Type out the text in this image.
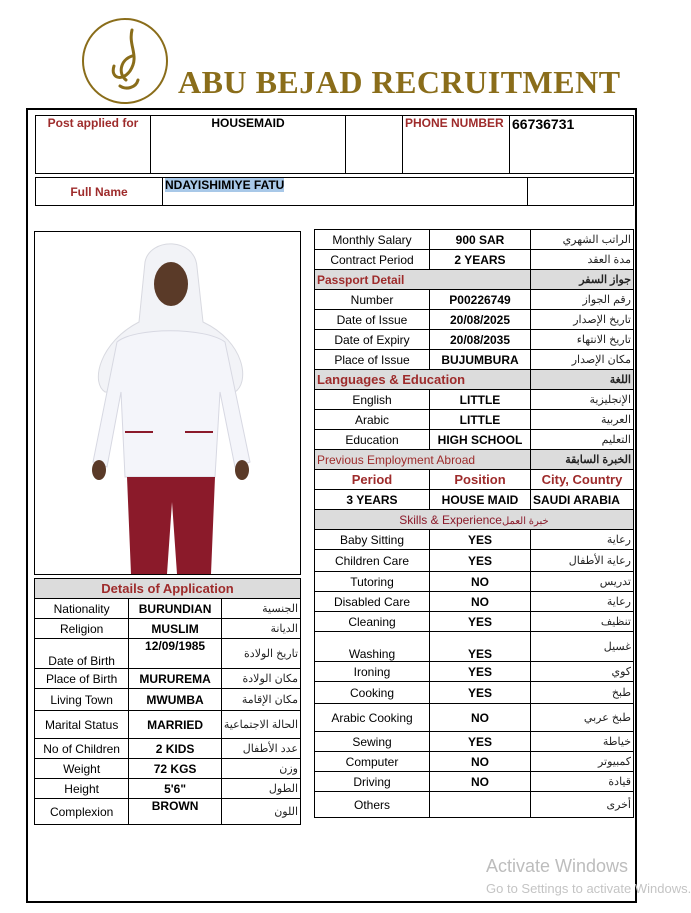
ABU BEJAD RECRUITMENT
Post applied for	HOUSEMAID		PHONE NUMBER	66736731
Full Name	NDAYISHIMIYE FATU	
Details of Application		
Nationality	BURUNDIAN	الجنسية
Religion	MUSLIM	الديانة
Date of Birth	12/09/1985	تاريخ الولادة
Place of Birth	MURUREMA	مكان الولادة
Living Town	MWUMBA	مكان الإقامة
Marital Status	MARRIED	الحالة الاجتماعية
No of Children	2 KIDS	عدد الأطفال
Weight	72 KGS	وزن
Height	5'6"	الطول
Complexion	BROWN	اللون
Monthly Salary	900 SAR	الراتب الشهري
Contract Period	2 YEARS	مدة العقد
Passport Detail		جواز السفر
Number	P00226749	رقم الجواز
Date of Issue	20/08/2025	تاريخ الإصدار
Date of Expiry	20/08/2035	تاريخ الانتهاء
Place of Issue	BUJUMBURA	مكان الإصدار
Languages & Education		اللغة
English	LITTLE	الإنجليزية
Arabic	LITTLE	العربية
Education	HIGH SCHOOL	التعليم
Previous Employment Abroad		الخبرة السابقة
Period	Position	City, Country
3 YEARS	HOUSE MAID	SAUDI ARABIA
Skills & Experienceخبرة العمل		
Baby Sitting	YES	رعاية
Children Care	YES	رعاية الأطفال
Tutoring	NO	تدريس
Disabled Care	NO	رعاية
Cleaning	YES	تنظيف
Washing	YES	غسيل
Ironing	YES	كوي
Cooking	YES	طبخ
Arabic Cooking	NO	طبخ عربي
Sewing	YES	خياطة
Computer	NO	كمبيوتر
Driving	NO	قيادة
Others		أخرى
Activate Windows
Go to Settings to activate Windows.
